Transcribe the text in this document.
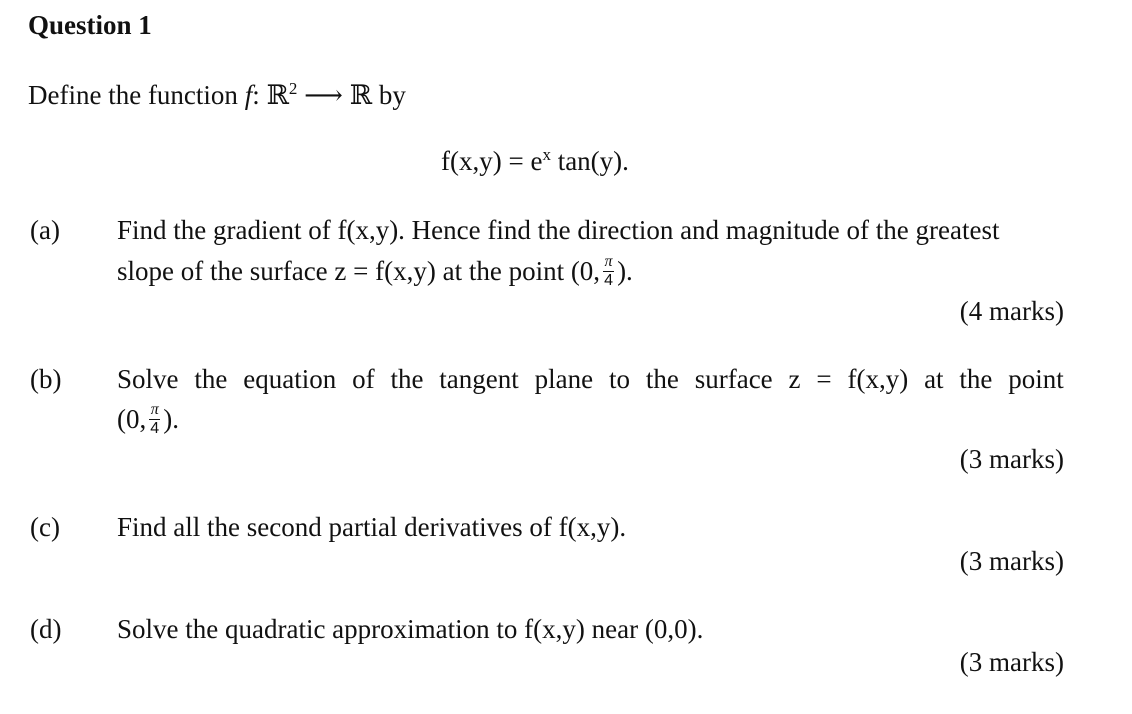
Question 1
Define the function f: ℝ$^2$ ⟶ ℝ by
$f(x,y) = e^x$ tan(y).
(a) Find the gradient of f(x,y). Hence find the direction and magnitude of the greatest
slope of the surface z = f(x,y) at the point (0, $\frac{\pi}{4}$ ).
(4 marks)
(b) Solve the equation of the tangent plane to the surface z = f(x,y) at the point
(0, $\frac{\pi}{4}$ ).
(3 marks)
(c) Find all the second partial derivatives of f(x,y).
(3 marks)
(d) Solve the quadratic approximation to f(x,y) near (0,0).
(3 marks)
